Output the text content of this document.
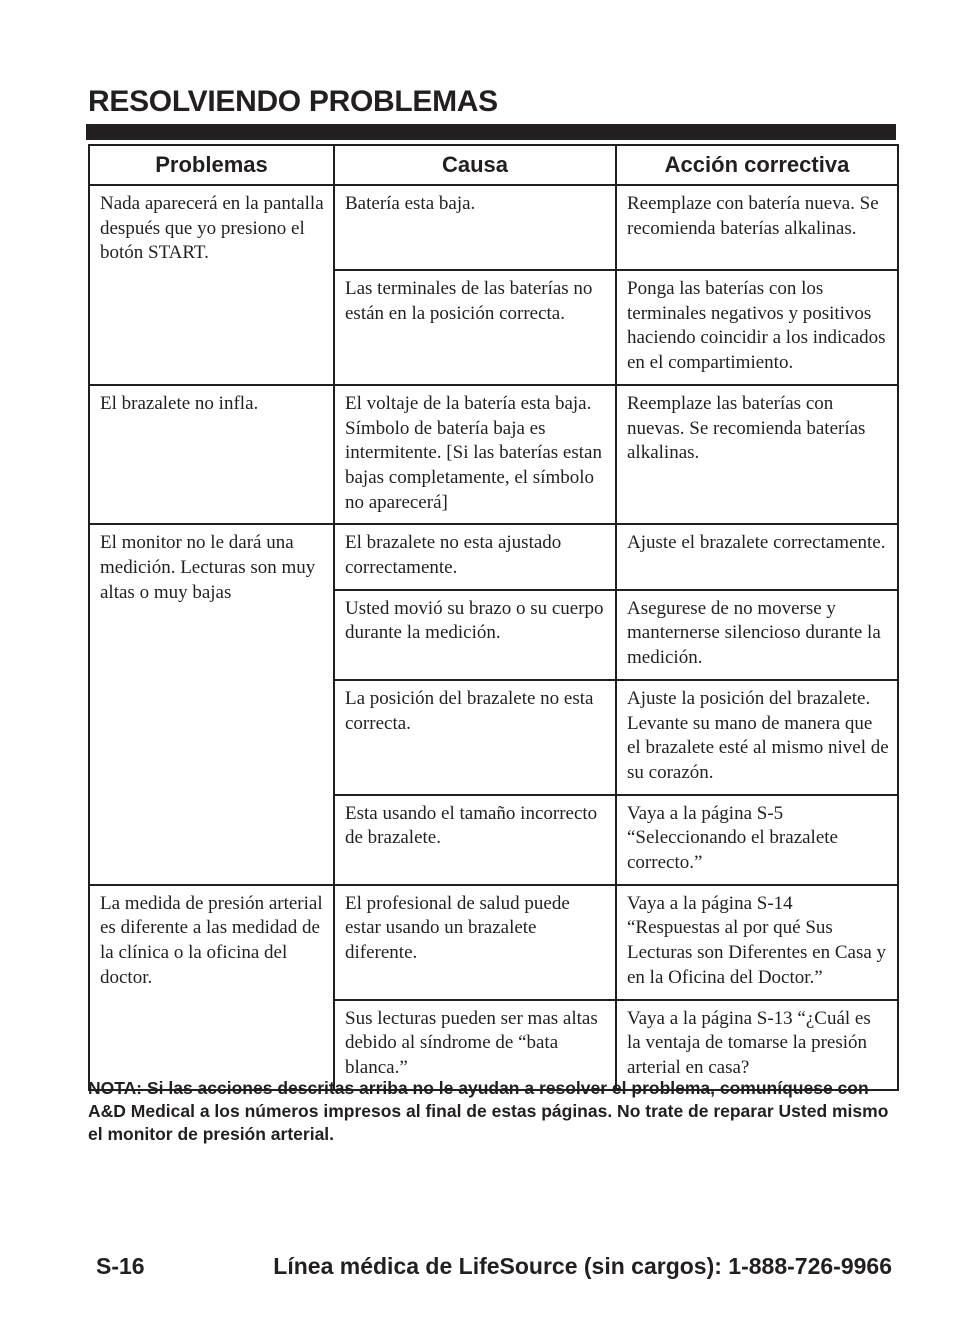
RESOLVIENDO PROBLEMAS
Problemas	Causa	Acción correctiva
Nada aparecerá en la pantalla después que yo presiono el botón START.	Batería esta baja.	Reemplaze con batería nueva. Se recomienda baterías alkalinas.
	Las terminales de las baterías no están en la posición correcta.	Ponga las baterías con los terminales negativos y positivos haciendo coincidir a los indicados en el compartimiento.
El brazalete no infla.	El voltaje de la batería esta baja. Símbolo de batería baja es intermitente. [Si las baterías estan bajas completamente, el símbolo no aparecerá]	Reemplaze las baterías con nuevas. Se recomienda baterías alkalinas.
El monitor no le dará una medición. Lecturas son muy altas o muy bajas	El brazalete no esta ajustado correctamente.	Ajuste el brazalete correctamente.
	Usted movió su brazo o su cuerpo durante la medición.	Asegurese de no moverse y manternerse silencioso durante la medición.
	La posición del brazalete no esta correcta.	Ajuste la posición del brazalete. Levante su mano de manera que el brazalete esté al mismo nivel de su corazón.
	Esta usando el tamaño incorrecto de brazalete.	Vaya a la página S-5 “Seleccionando el brazalete correcto.”
La medida de presión arterial es diferente a las medidad de la clínica o la oficina del doctor.	El profesional de salud puede estar usando un brazalete diferente.	Vaya a la página S-14 “Respuestas al por qué Sus Lecturas son Diferentes en Casa y en la Oficina del Doctor.”
	Sus lecturas pueden ser mas altas debido al síndrome de “bata blanca.”	Vaya a la página S-13 “¿Cuál es la ventaja de tomarse la presión arterial en casa?

NOTA: Si las acciones descritas arriba no le ayudan a resolver el problema, comuníquese con A&D Medical a los números impresos al final de estas páginas. No trate de reparar Usted mismo el monitor de presión arterial.

S-16	Línea médica de LifeSource (sin cargos): 1-888-726-9966
